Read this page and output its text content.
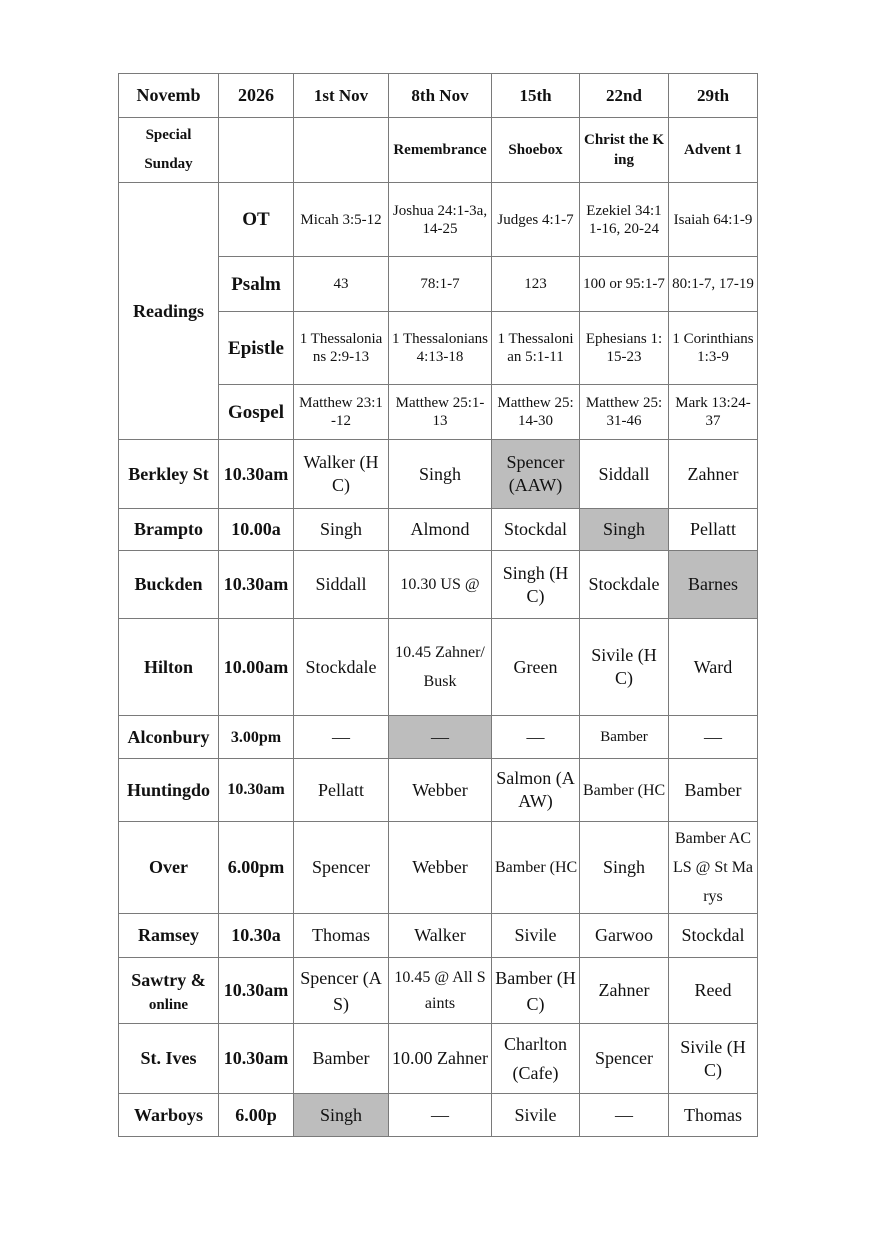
Novemb	2026	1st Nov	8th Nov	15th	22nd	29th

Special
Sunday			Remembrance	Shoebox	Christ the King	Advent 1
Readings	OT	Micah 3:5-12	Joshua 24:1-3a,14-25	Judges 4:1-7	Ezekiel 34:11-16, 20-24	Isaiah 64:1-9
	Psalm	43	78:1-7	123	100 or 95:1-7	80:1-7, 17-19
	Epistle	1 Thessalonians 2:9-13	1 Thessalonians 4:13-18	1 Thessalonian 5:1-11	Ephesians 1:15-23	1 Corinthians 1:3-9
	Gospel	Matthew 23:1-12	Matthew 25:1-13	Matthew 25:14-30	Matthew 25:31-46	Mark 13:24-37
Berkley St	10.30am	Walker (HC)	Singh	Spencer (AAW)	Siddall	Zahner
Brampto	10.00a	Singh	Almond	Stockdal	Singh	Pellatt
Buckden	10.30am	Siddall	10.30 US @	Singh (HC)	Stockdale	Barnes
Hilton	10.00am	Stockdale	10.45 Zahner/ Busk	Green	Sivile (HC)	Ward
Alconbury	3.00pm	—	—	—	Bamber	—
Huntingdo	10.30am	Pellatt	Webber	Salmon (AAW)	Bamber (HC	Bamber
Over	6.00pm	Spencer	Webber	Bamber (HC	Singh	Bamber ACLS @ St Marys
Ramsey	10.30a	Thomas	Walker	Sivile	Garwoo	Stockdal

Sawtry &
online	10.30am	Spencer (AS)	10.45 @ All Saints	Bamber (HC)	Zahner	Reed
St. Ives	10.30am	Bamber	10.00 Zahner	Charlton (Cafe)	Spencer	Sivile (HC)
Warboys	6.00p	Singh	—	Sivile	—	Thomas
